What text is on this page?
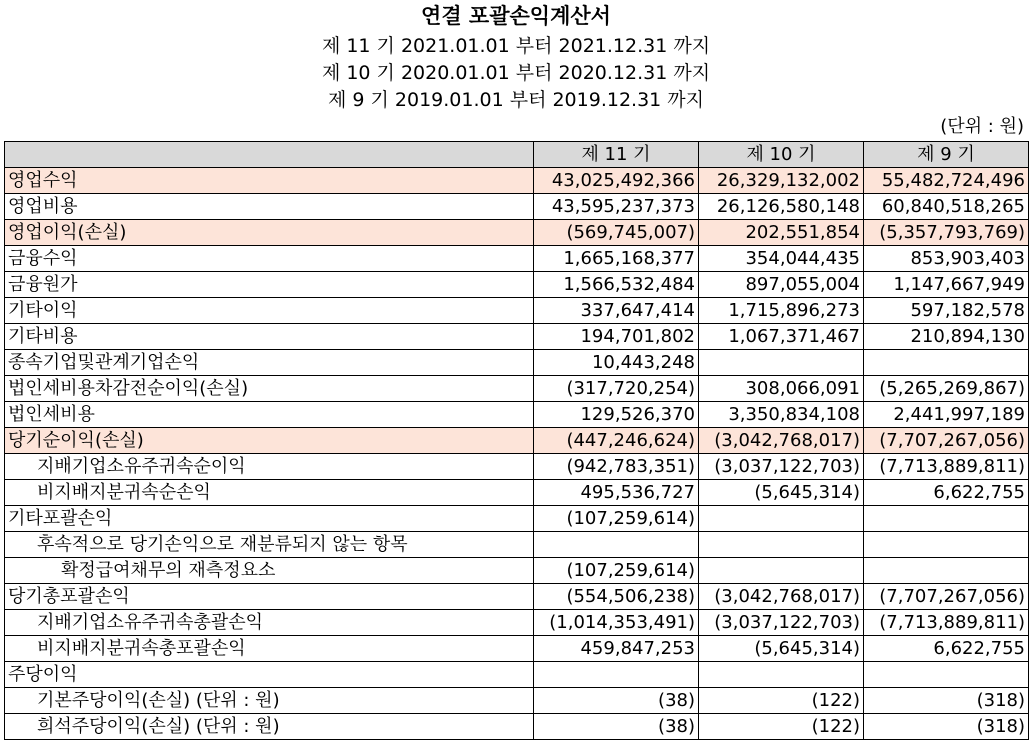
연결 포괄손익계산서
제 11 기 2021.01.01 부터 2021.12.31 까지
제 10 기 2020.01.01 부터 2020.12.31 까지
제 9 기 2019.01.01 부터 2019.12.31 까지
(단위 : 원)
	제 11 기	제 10 기	제 9 기
영업수익	43,025,492,366	26,329,132,002	55,482,724,496
영업비용	43,595,237,373	26,126,580,148	60,840,518,265
영업이익(손실)	(569,745,007)	202,551,854	(5,357,793,769)
금융수익	1,665,168,377	354,044,435	853,903,403
금융원가	1,566,532,484	897,055,004	1,147,667,949
기타이익	337,647,414	1,715,896,273	597,182,578
기타비용	194,701,802	1,067,371,467	210,894,130
종속기업및관계기업손익	10,443,248		
법인세비용차감전순이익(손실)	(317,720,254)	308,066,091	(5,265,269,867)
법인세비용	129,526,370	3,350,834,108	2,441,997,189
당기순이익(손실)	(447,246,624)	(3,042,768,017)	(7,707,267,056)
지배기업소유주귀속순이익	(942,783,351)	(3,037,122,703)	(7,713,889,811)
비지배지분귀속순손익	495,536,727	(5,645,314)	6,622,755
기타포괄손익	(107,259,614)		
후속적으로 당기손익으로 재분류되지 않는 항목			
확정급여채무의 재측정요소	(107,259,614)		
당기총포괄손익	(554,506,238)	(3,042,768,017)	(7,707,267,056)
지배기업소유주귀속총괄손익	(1,014,353,491)	(3,037,122,703)	(7,713,889,811)
비지배지분귀속총포괄손익	459,847,253	(5,645,314)	6,622,755
주당이익			
기본주당이익(손실) (단위 : 원)	(38)	(122)	(318)
희석주당이익(손실) (단위 : 원)	(38)	(122)	(318)
